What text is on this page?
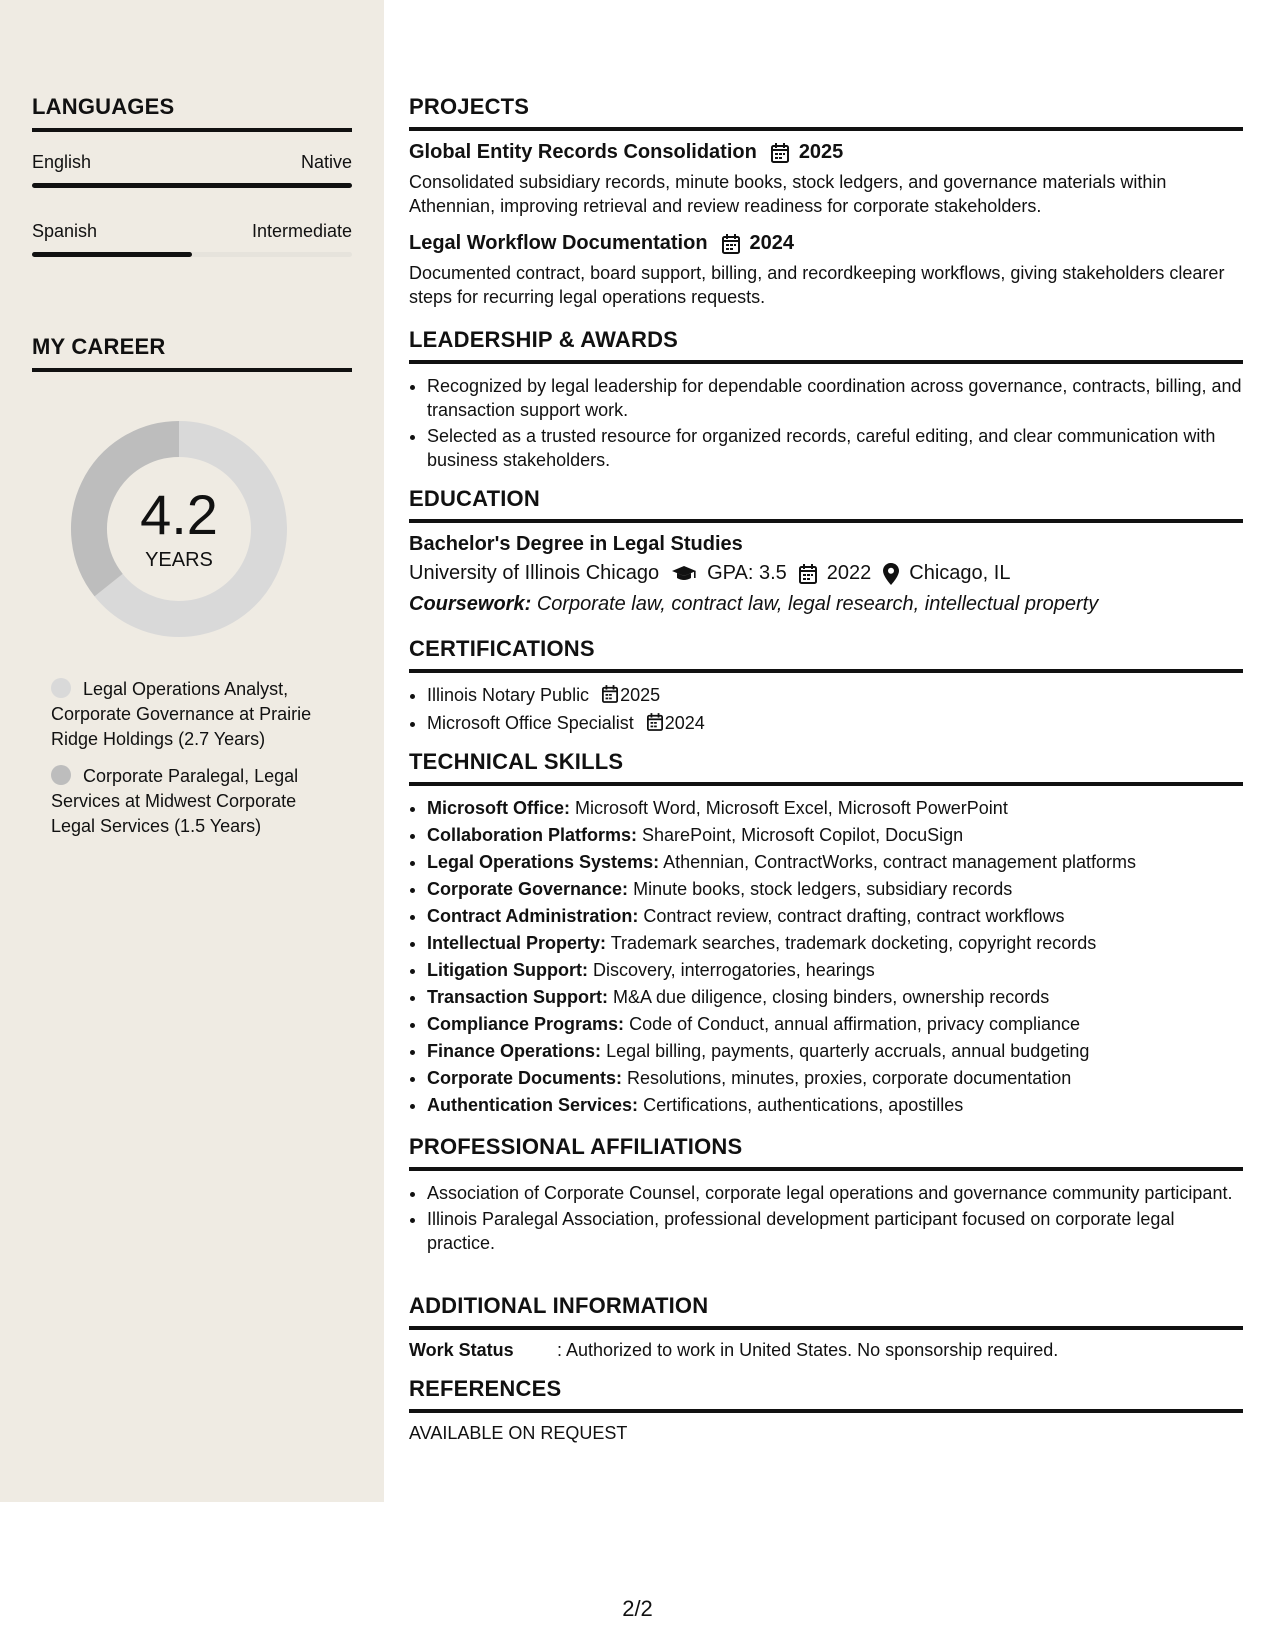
LANGUAGES
English	Native
Spanish	Intermediate
MY CAREER
4.2
YEARS
Legal Operations Analyst, Corporate Governance at Prairie Ridge Holdings (2.7 Years)
Corporate Paralegal, Legal Services at Midwest Corporate Legal Services (1.5 Years)
PROJECTS
Global Entity Records Consolidation 2025
Consolidated subsidiary records, minute books, stock ledgers, and governance materials within Athennian, improving retrieval and review readiness for corporate stakeholders.
Legal Workflow Documentation 2024
Documented contract, board support, billing, and recordkeeping workflows, giving stakeholders clearer steps for recurring legal operations requests.
LEADERSHIP & AWARDS
• Recognized by legal leadership for dependable coordination across governance, contracts, billing, and transaction support work.
• Selected as a trusted resource for organized records, careful editing, and clear communication with business stakeholders.
EDUCATION
Bachelor's Degree in Legal Studies
University of Illinois Chicago GPA: 3.5 2022 Chicago, IL
Coursework: Corporate law, contract law, legal research, intellectual property
CERTIFICATIONS
• Illinois Notary Public 2025
• Microsoft Office Specialist 2024
TECHNICAL SKILLS
• Microsoft Office: Microsoft Word, Microsoft Excel, Microsoft PowerPoint
• Collaboration Platforms: SharePoint, Microsoft Copilot, DocuSign
• Legal Operations Systems: Athennian, ContractWorks, contract management platforms
• Corporate Governance: Minute books, stock ledgers, subsidiary records
• Contract Administration: Contract review, contract drafting, contract workflows
• Intellectual Property: Trademark searches, trademark docketing, copyright records
• Litigation Support: Discovery, interrogatories, hearings
• Transaction Support: M&A due diligence, closing binders, ownership records
• Compliance Programs: Code of Conduct, annual affirmation, privacy compliance
• Finance Operations: Legal billing, payments, quarterly accruals, annual budgeting
• Corporate Documents: Resolutions, minutes, proxies, corporate documentation
• Authentication Services: Certifications, authentications, apostilles
PROFESSIONAL AFFILIATIONS
• Association of Corporate Counsel, corporate legal operations and governance community participant.
• Illinois Paralegal Association, professional development participant focused on corporate legal practice.
ADDITIONAL INFORMATION
Work Status	: Authorized to work in United States. No sponsorship required.
REFERENCES
AVAILABLE ON REQUEST
2/2
